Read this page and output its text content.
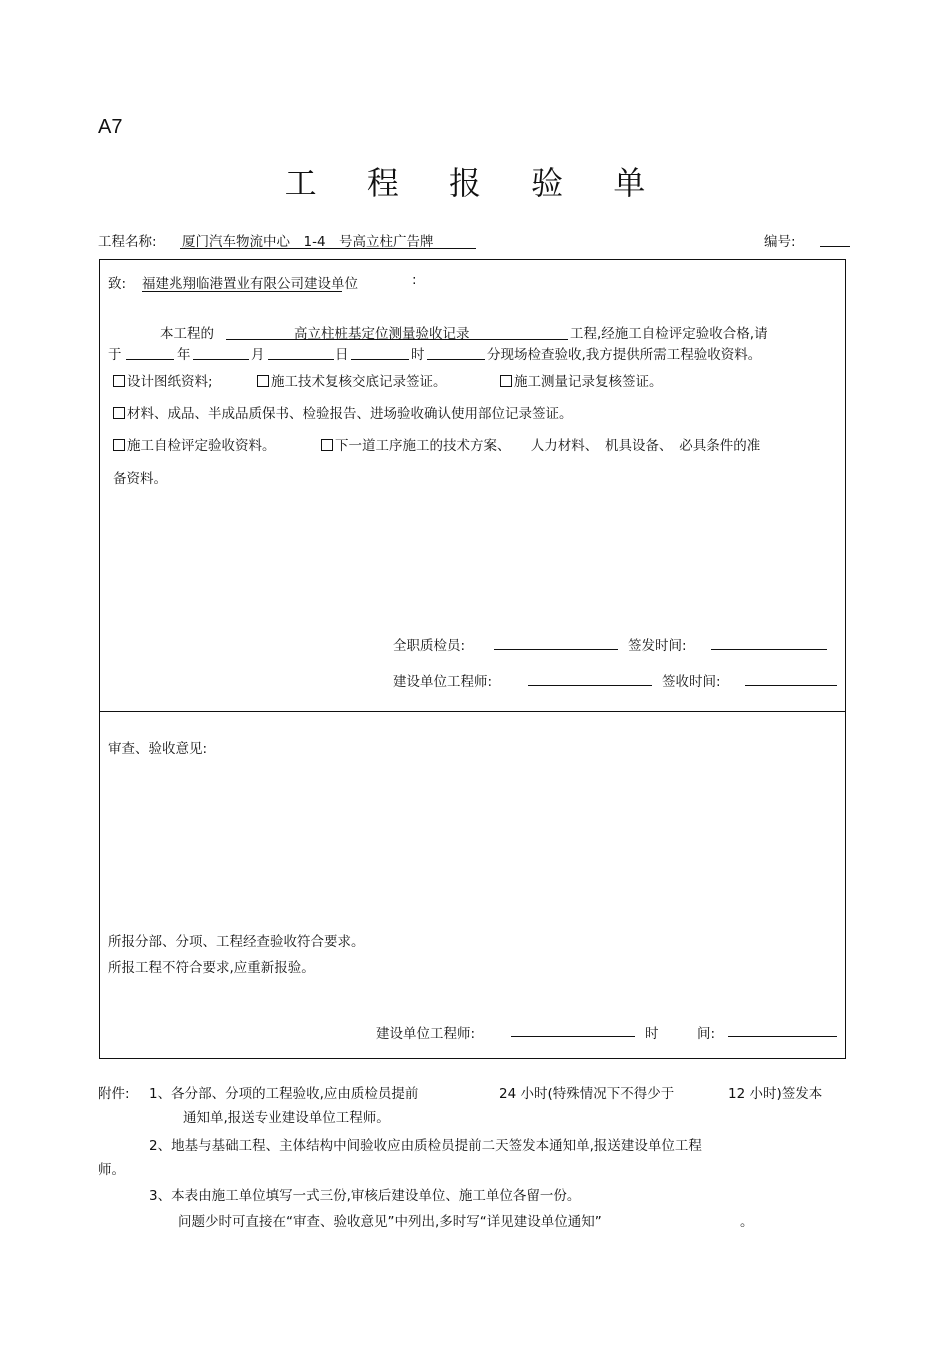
A7
工 程 报 验 单
工程名称: 厦门汽车物流中心　1-4　号高立柱广告牌	编号:
致: 福建兆翔临港置业有限公司建设单位	:
本工程的	高立柱桩基定位测量验收记录	工程,经施工自检评定验收合格,请
于	年	月	日	时	分现场检查验收,我方提供所需工程验收资料。
设计图纸资料;	施工技术复核交底记录签证。	施工测量记录复核签证。
材料、成品、半成品质保书、检验报告、进场验收确认使用部位记录签证。
施工自检评定验收资料。	下一道工序施工的技术方案、　　人力材料、　机具设备、　必具条件的准
备资料。
全职质检员:	签发时间:
建设单位工程师:	签收时间:
审查、验收意见:
所报分部、分项、工程经查验收符合要求。
所报工程不符合要求,应重新报验。
建设单位工程师:	时	间:
附件: 1、各分部、分项的工程验收,应由质检员提前	24 小时(特殊情况下不得少于	12 小时)签发本
通知单,报送专业建设单位工程师。
2、地基与基础工程、主体结构中间验收应由质检员提前二天签发本通知单,报送建设单位工程
师。
3、本表由施工单位填写一式三份,审核后建设单位、施工单位各留一份。
问题少时可直接在“审查、验收意见”中列出,多时写“详见建设单位通知”	。
